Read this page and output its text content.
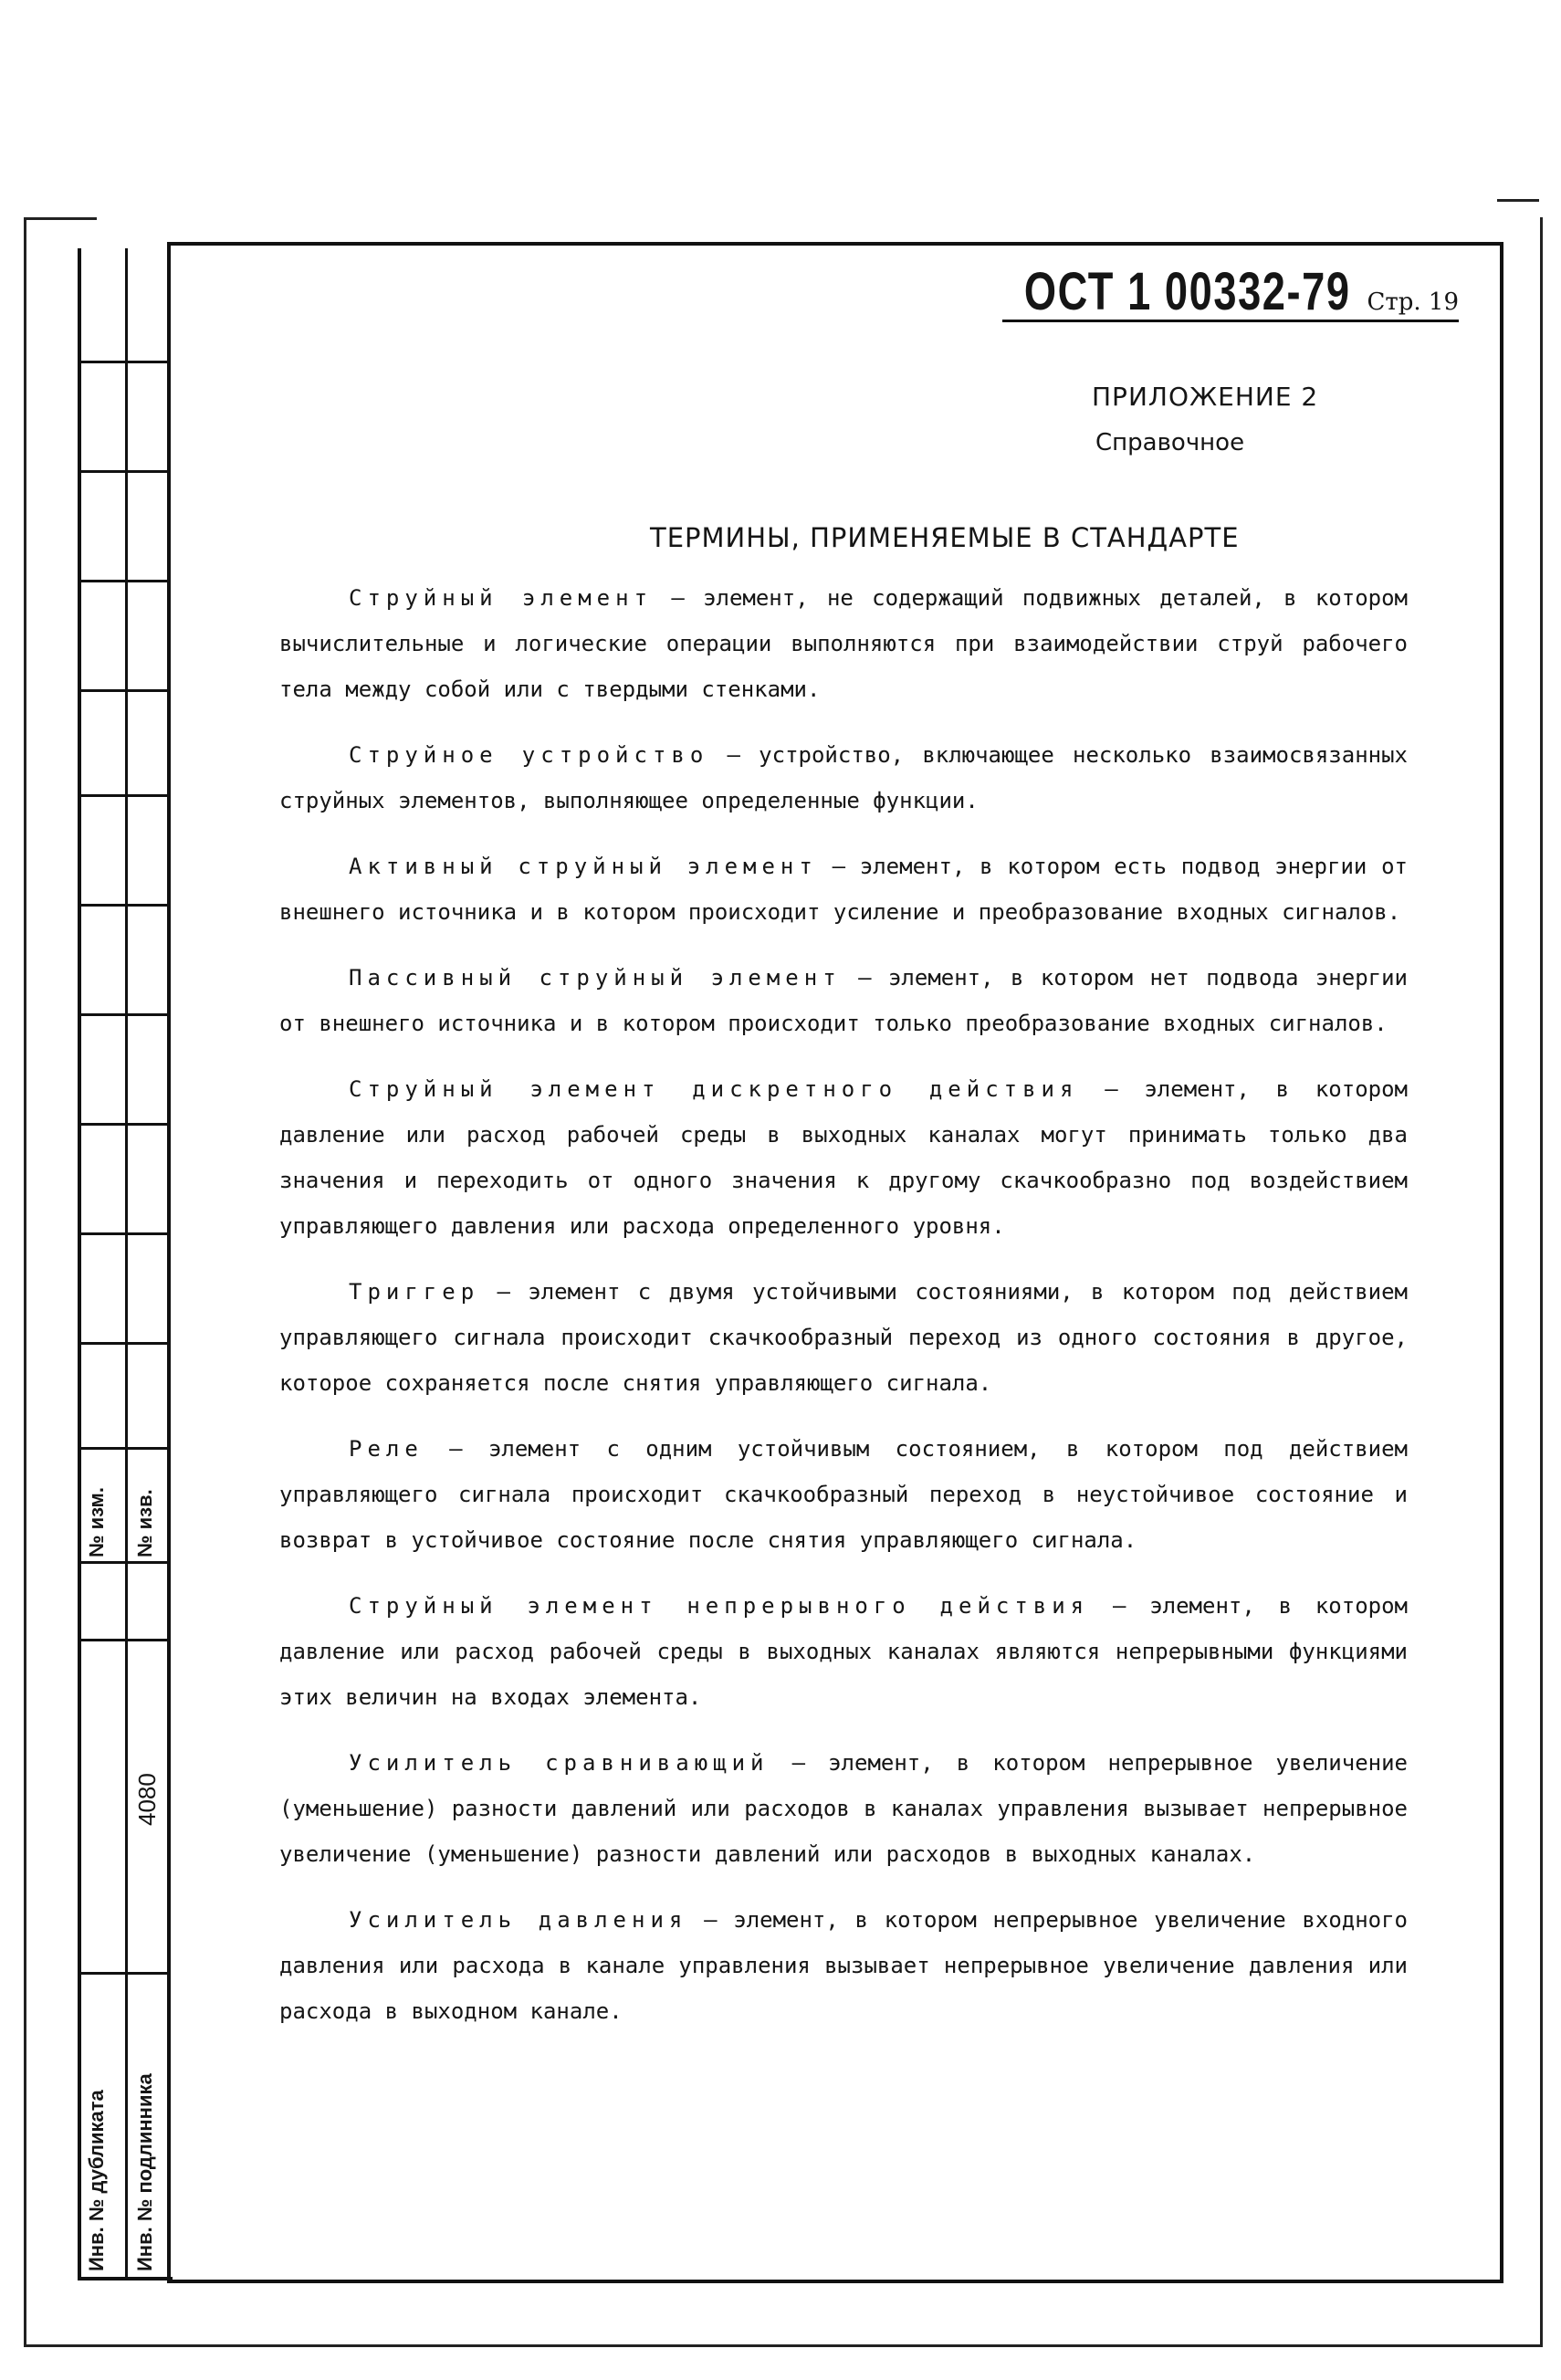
№ изм. № изв.
4080
Инв. № дубликата Инв. № подлинника
ОСТ 1 00332-79 Стр. 19
ПРИЛОЖЕНИЕ 2
Справочное
ТЕРМИНЫ, ПРИМЕНЯЕМЫЕ В СТАНДАРТЕ

Струйный элемент – элемент, не содержащий подвижных деталей, в котором вычислительные и логические операции выполняются при взаимодействии струй рабочего тела между собой или с твердыми стенками.

Струйное устройство – устройство, включающее несколько взаимосвязанных струйных элементов, выполняющее определенные функции.

Активный струйный элемент – элемент, в котором есть подвод энергии от внешнего источника и в котором происходит усиление и преобразование входных сигналов.

Пассивный струйный элемент – элемент, в котором нет подвода энергии от внешнего источника и в котором происходит только преобразование входных сигналов.

Струйный элемент дискретного действия – элемент, в котором давление или расход рабочей среды в выходных каналах могут принимать только два значения и переходить от одного значения к другому скачкообразно под воздействием управляющего давления или расхода определенного уровня.

Триггер – элемент с двумя устойчивыми состояниями, в котором под действием управляющего сигнала происходит скачкообразный переход из одного состояния в другое, которое сохраняется после снятия управляющего сигнала.

Реле – элемент с одним устойчивым состоянием, в котором под действием управляющего сигнала происходит скачкообразный переход в неустойчивое состояние и возврат в устойчивое состояние после снятия управляющего сигнала.

Струйный элемент непрерывного действия – элемент, в котором давление или расход рабочей среды в выходных каналах являются непрерывными функциями этих величин на входах элемента.

Усилитель сравнивающий – элемент, в котором непрерывное увеличение (уменьшение) разности давлений или расходов в каналах управления вызывает непрерывное увеличение (уменьшение) разности давлений или расходов в выходных каналах.

Усилитель давления – элемент, в котором непрерывное увеличение входного давления или расхода в канале управления вызывает непрерывное увеличение давления или расхода в выходном канале.
